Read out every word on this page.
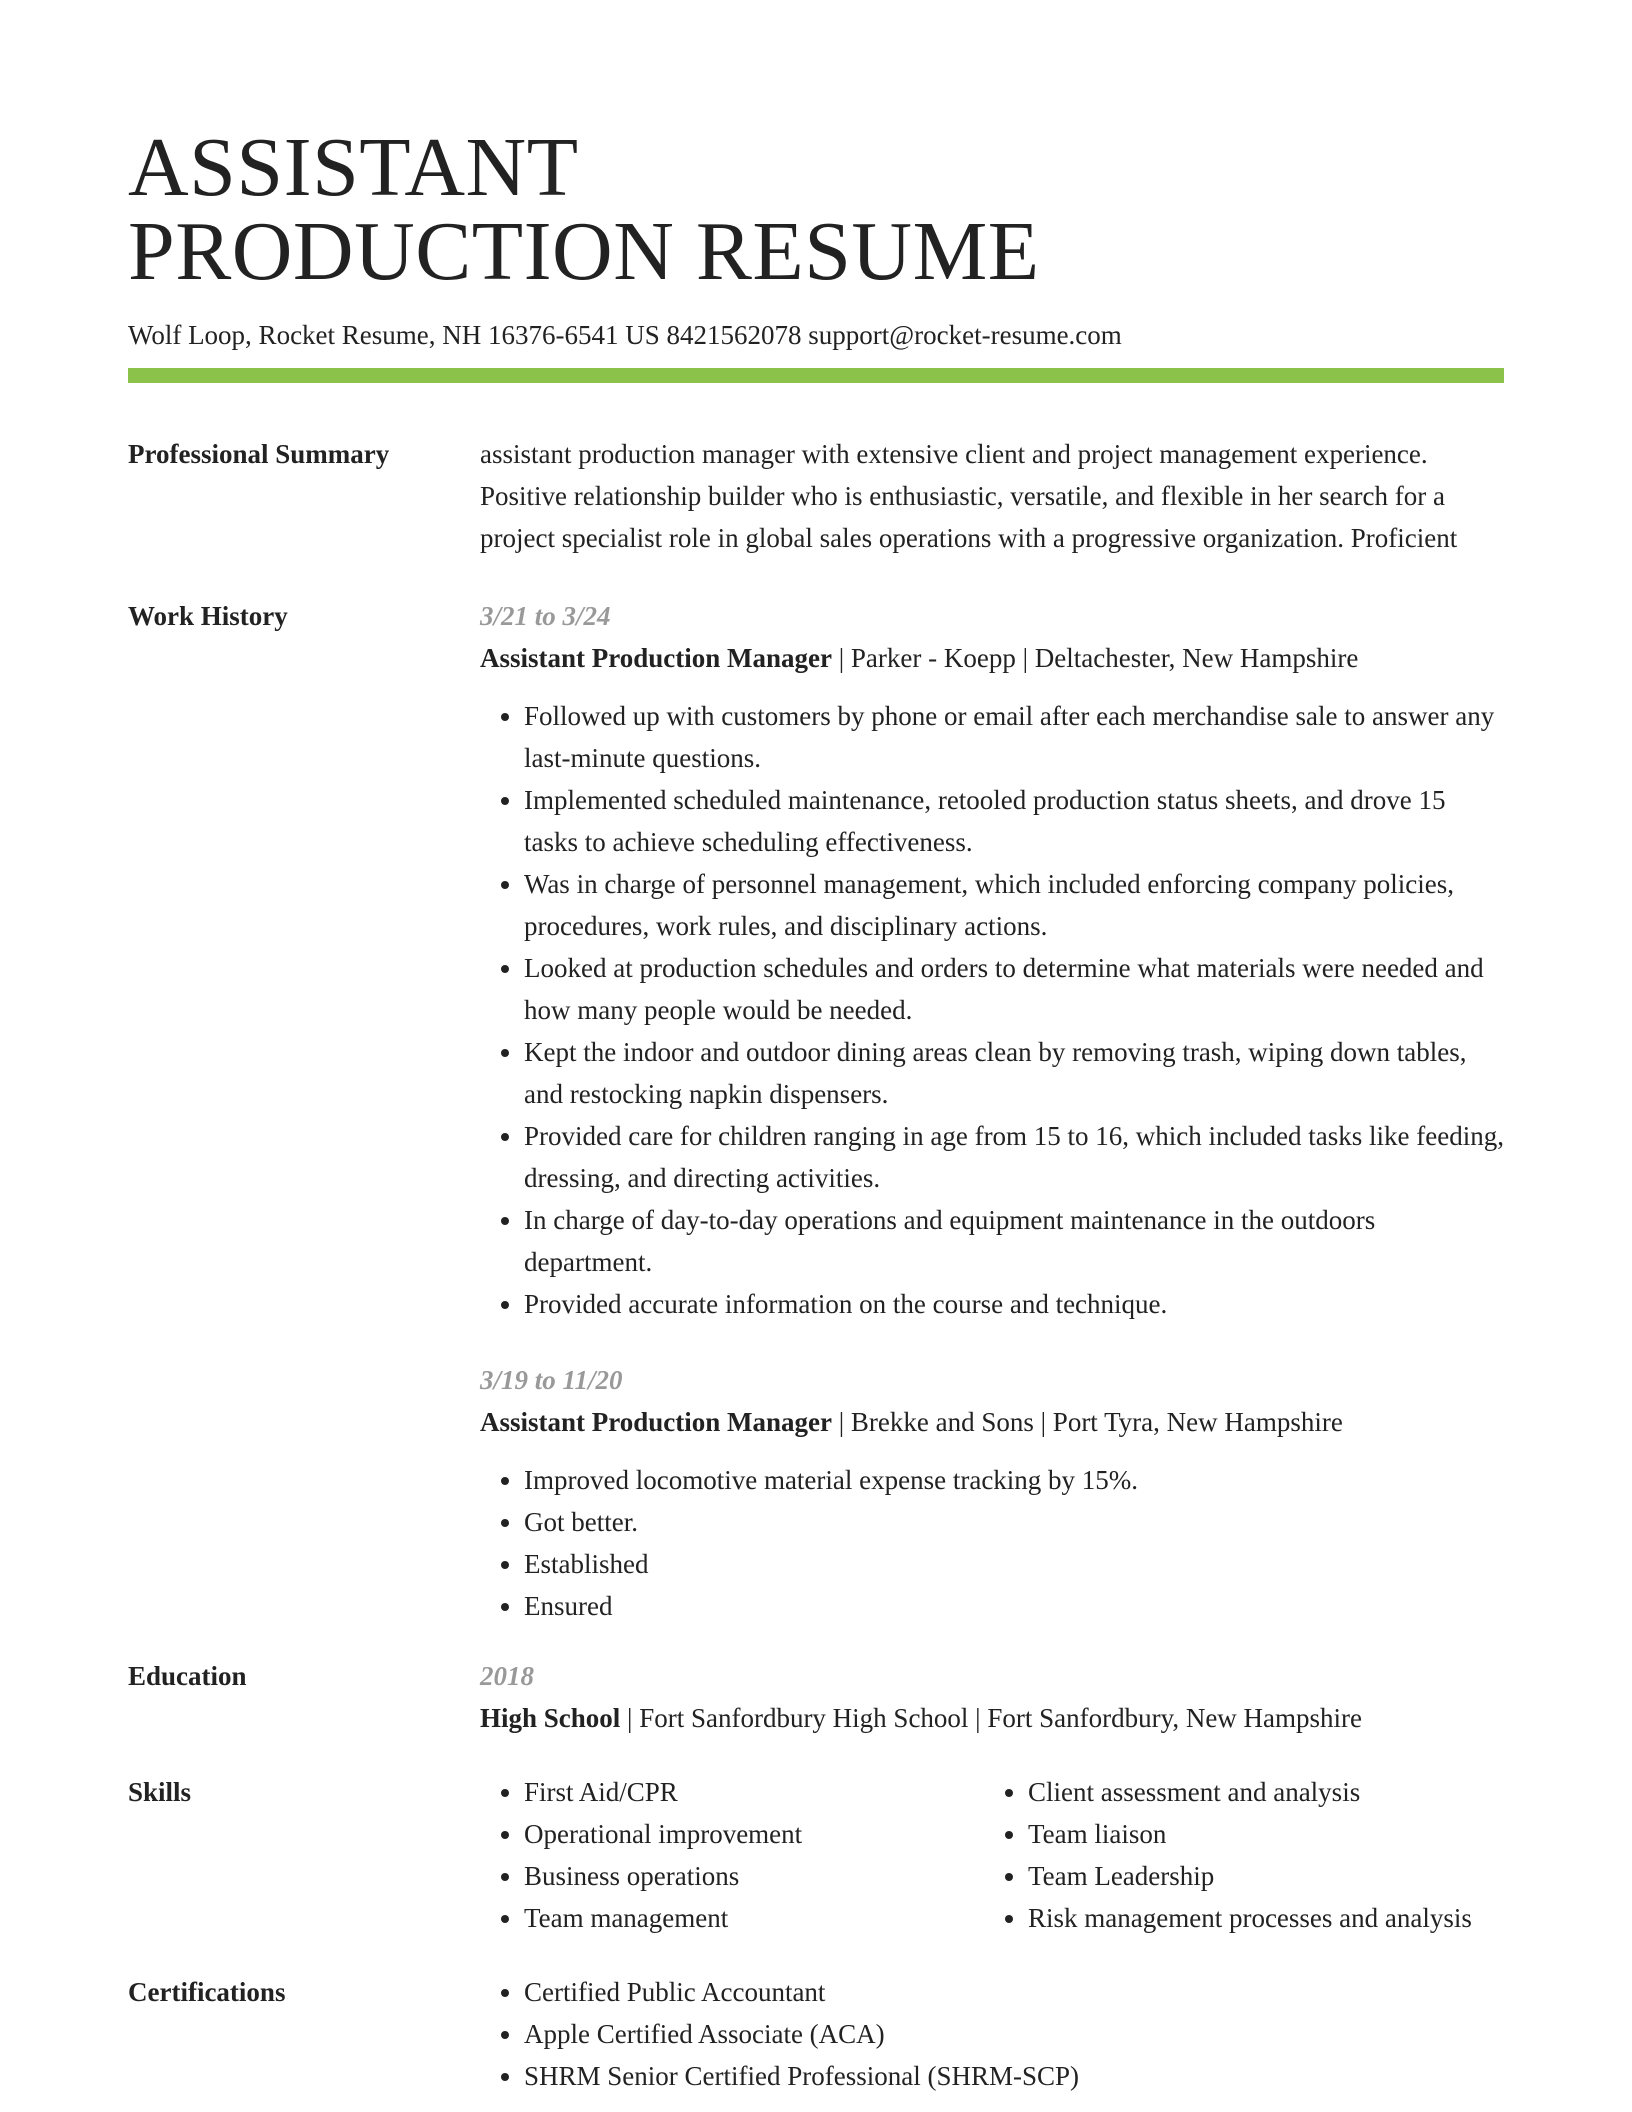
ASSISTANT
PRODUCTION RESUME
Wolf Loop, Rocket Resume, NH 16376-6541 US 8421562078 support@rocket-resume.com
Professional Summary	assistant production manager with extensive client and project management experience. Positive relationship builder who is enthusiastic, versatile, and flexible in her search for a project specialist role in global sales operations with a progressive organization. Proficient
Work History	3/21 to 3/24
Assistant Production Manager | Parker - Koepp | Deltachester, New Hampshire
• Followed up with customers by phone or email after each merchandise sale to answer any last-minute questions.
• Implemented scheduled maintenance, retooled production status sheets, and drove 15 tasks to achieve scheduling effectiveness.
• Was in charge of personnel management, which included enforcing company policies, procedures, work rules, and disciplinary actions.
• Looked at production schedules and orders to determine what materials were needed and how many people would be needed.
• Kept the indoor and outdoor dining areas clean by removing trash, wiping down tables, and restocking napkin dispensers.
• Provided care for children ranging in age from 15 to 16, which included tasks like feeding, dressing, and directing activities.
• In charge of day-to-day operations and equipment maintenance in the outdoors department.
• Provided accurate information on the course and technique.
3/19 to 11/20
Assistant Production Manager | Brekke and Sons | Port Tyra, New Hampshire
• Improved locomotive material expense tracking by 15%.
• Got better.
• Established
• Ensured
Education	2018
High School | Fort Sanfordbury High School | Fort Sanfordbury, New Hampshire
Skills	• First Aid/CPR
• Operational improvement
• Business operations
• Team management
• Client assessment and analysis
• Team liaison
• Team Leadership
• Risk management processes and analysis
Certifications	• Certified Public Accountant
• Apple Certified Associate (ACA)
• SHRM Senior Certified Professional (SHRM-SCP)
